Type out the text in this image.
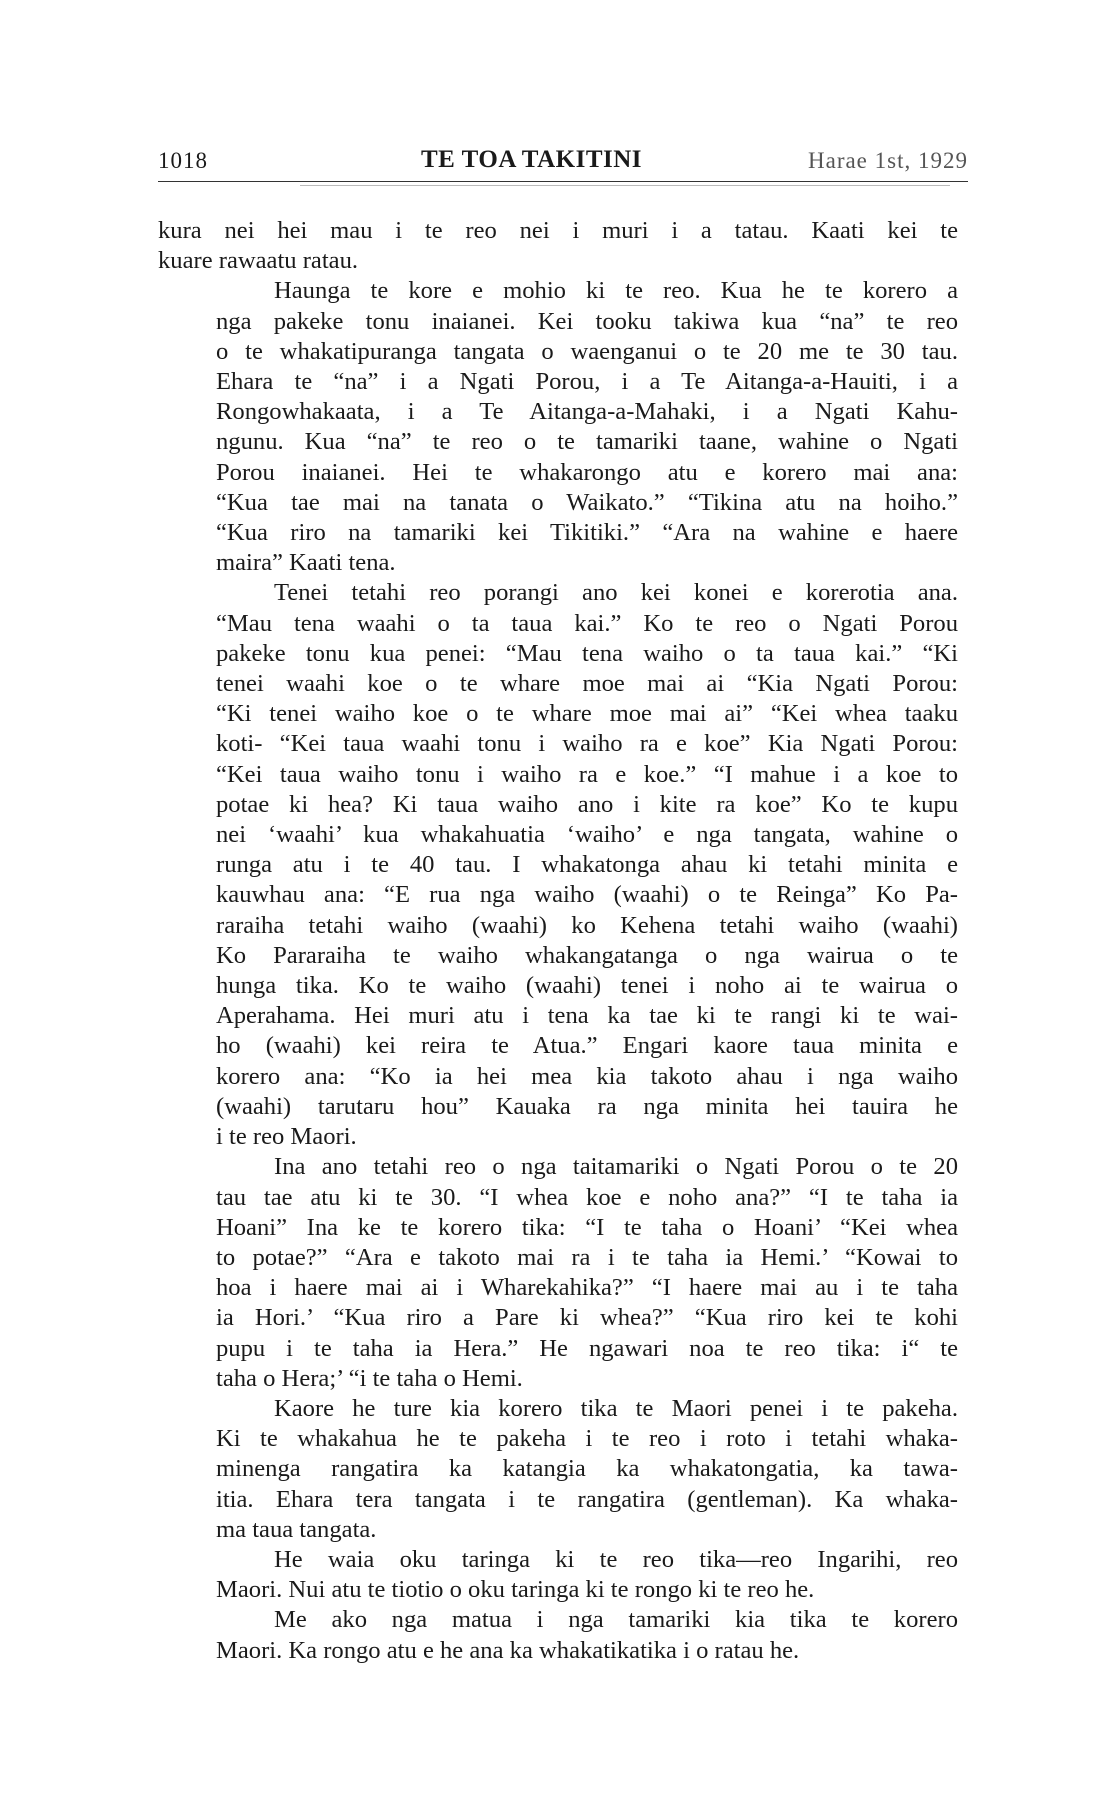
1018	TE TOA TAKITINI	Harae 1st, 1929
kura nei hei mau i te reo nei i muri i a tatau. Kaati kei te
kuare rawaatu ratau.
Haunga te kore e mohio ki te reo. Kua he te korero a
nga pakeke tonu inaianei. Kei tooku takiwa kua “na” te reo
o te whakatipuranga tangata o waenganui o te 20 me te 30 tau.
Ehara te “na” i a Ngati Porou, i a Te Aitanga-a-Hauiti, i a
Rongowhakaata, i a Te Aitanga-a-Mahaki, i a Ngati Kahu-
ngunu. Kua “na” te reo o te tamariki taane, wahine o Ngati
Porou inaianei. Hei te whakarongo atu e korero mai ana:
“Kua tae mai na tanata o Waikato.” “Tikina atu na hoiho.”
“Kua riro na tamariki kei Tikitiki.” “Ara na wahine e haere
maira” Kaati tena.
Tenei tetahi reo porangi ano kei konei e korerotia ana.
“Mau tena waahi o ta taua kai.” Ko te reo o Ngati Porou
pakeke tonu kua penei: “Mau tena waiho o ta taua kai.” “Ki
tenei waahi koe o te whare moe mai ai “Kia Ngati Porou:
“Ki tenei waiho koe o te whare moe mai ai” “Kei whea taaku
koti- “Kei taua waahi tonu i waiho ra e koe” Kia Ngati Porou:
“Kei taua waiho tonu i waiho ra e koe.” “I mahue i a koe to
potae ki hea? Ki taua waiho ano i kite ra koe” Ko te kupu
nei ‘waahi’ kua whakahuatia ‘waiho’ e nga tangata, wahine o
runga atu i te 40 tau. I whakatonga ahau ki tetahi minita e
kauwhau ana: “E rua nga waiho (waahi) o te Reinga” Ko Pa-
raraiha tetahi waiho (waahi) ko Kehena tetahi waiho (waahi)
Ko Pararaiha te waiho whakangatanga o nga wairua o te
hunga tika. Ko te waiho (waahi) tenei i noho ai te wairua o
Aperahama. Hei muri atu i tena ka tae ki te rangi ki te wai-
ho (waahi) kei reira te Atua.” Engari kaore taua minita e
korero ana: “Ko ia hei mea kia takoto ahau i nga waiho
(waahi) tarutaru hou” Kauaka ra nga minita hei tauira he
i te reo Maori.
Ina ano tetahi reo o nga taitamariki o Ngati Porou o te 20
tau tae atu ki te 30. “I whea koe e noho ana?” “I te taha ia
Hoani” Ina ke te korero tika: “I te taha o Hoani’ “Kei whea
to potae?” “Ara e takoto mai ra i te taha ia Hemi.’ “Kowai to
hoa i haere mai ai i Wharekahika?” “I haere mai au i te taha
ia Hori.’ “Kua riro a Pare ki whea?” “Kua riro kei te kohi
pupu i te taha ia Hera.” He ngawari noa te reo tika: i“ te
taha o Hera;’ “i te taha o Hemi.
Kaore he ture kia korero tika te Maori penei i te pakeha.
Ki te whakahua he te pakeha i te reo i roto i tetahi whaka-
minenga rangatira ka katangia ka whakatongatia, ka tawa-
itia. Ehara tera tangata i te rangatira (gentleman). Ka whaka-
ma taua tangata.
He waia oku taringa ki te reo tika—reo Ingarihi, reo
Maori. Nui atu te tiotio o oku taringa ki te rongo ki te reo he.
Me ako nga matua i nga tamariki kia tika te korero
Maori. Ka rongo atu e he ana ka whakatikatika i o ratau he.
